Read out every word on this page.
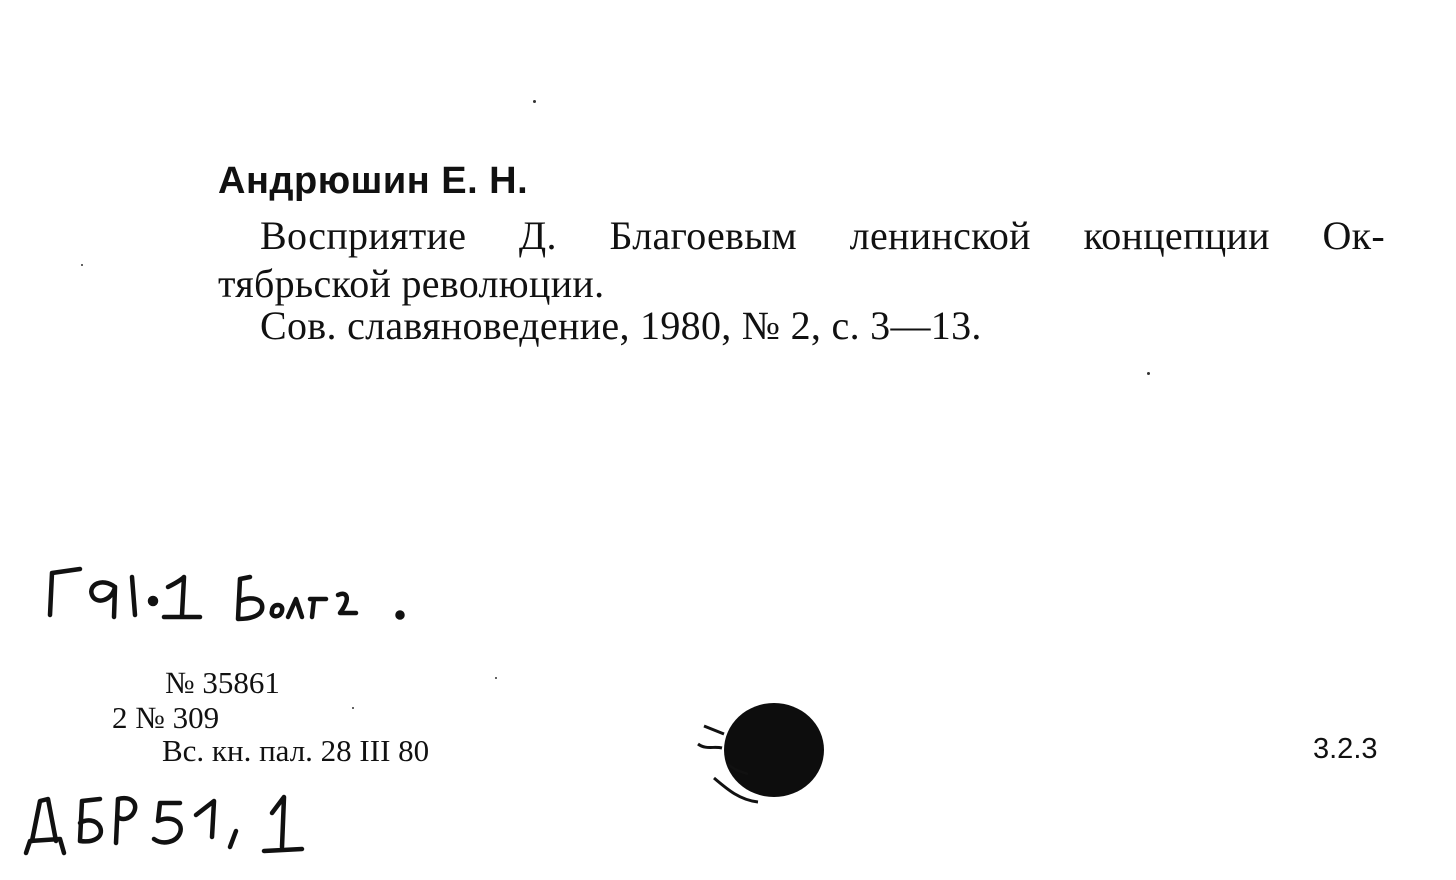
Андрюшин Е. Н.
Восприятие Д. Благоевым ленинской концепции Ок-
тябрьской революции.
Сов. славяноведение, 1980, № 2, с. 3—13.
№ 35861
2 № 309
Вс. кн. пал. 28 III 80	3.2.3
